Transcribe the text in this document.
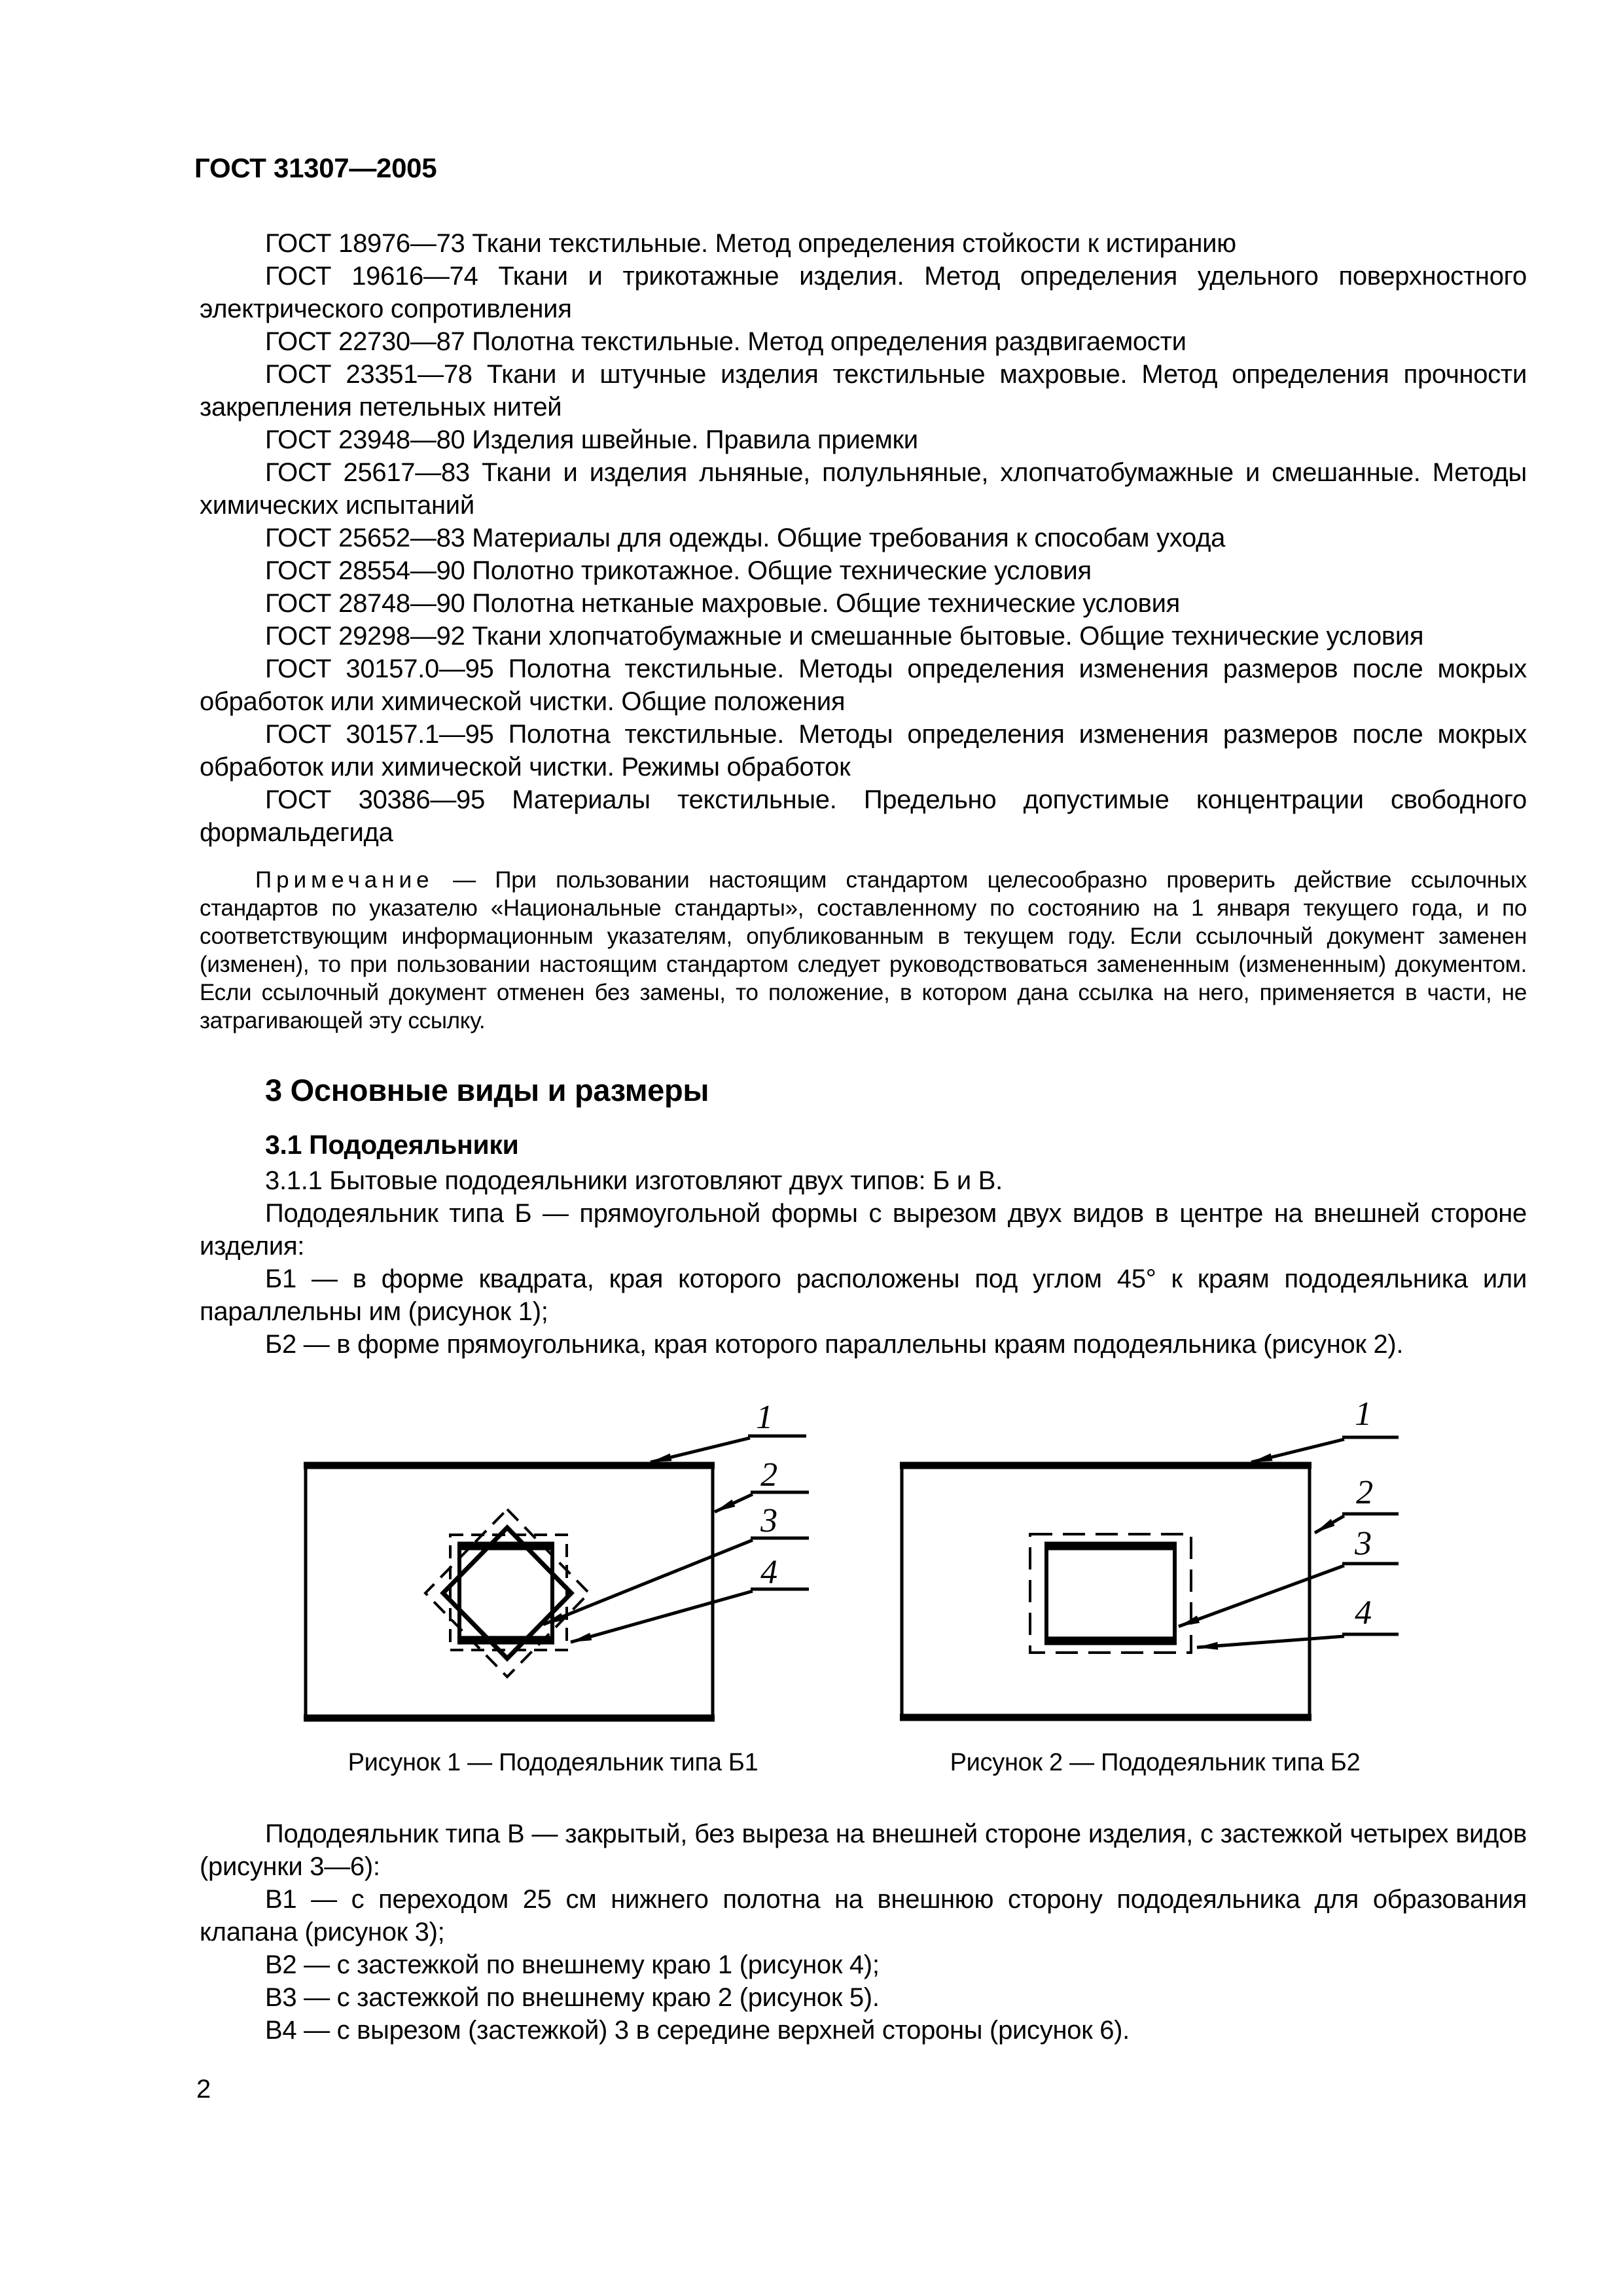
ГОСТ 31307—2005

ГОСТ 18976—73 Ткани текстильные. Метод определения стойкости к истиранию

ГОСТ 19616—74 Ткани и трикотажные изделия. Метод определения удельного поверхностного электрического сопротивления

ГОСТ 22730—87 Полотна текстильные. Метод определения раздвигаемости

ГОСТ 23351—78 Ткани и штучные изделия текстильные махровые. Метод определения прочности закрепления петельных нитей

ГОСТ 23948—80 Изделия швейные. Правила приемки

ГОСТ 25617—83 Ткани и изделия льняные, полульняные, хлопчатобумажные и смешанные. Методы химических испытаний

ГОСТ 25652—83 Материалы для одежды. Общие требования к способам ухода

ГОСТ 28554—90 Полотно трикотажное. Общие технические условия

ГОСТ 28748—90 Полотна нетканые махровые. Общие технические условия

ГОСТ 29298—92 Ткани хлопчатобумажные и смешанные бытовые. Общие технические условия

ГОСТ 30157.0—95 Полотна текстильные. Методы определения изменения размеров после мокрых обработок или химической чистки. Общие положения

ГОСТ 30157.1—95 Полотна текстильные. Методы определения изменения размеров после мокрых обработок или химической чистки. Режимы обработок

ГОСТ 30386—95 Материалы текстильные. Предельно допустимые концентрации свободного формальдегида

Примечание — При пользовании настоящим стандартом целесообразно проверить действие ссылочных стандартов по указателю «Национальные стандарты», составленному по состоянию на 1 января текущего года, и по соответствующим информационным указателям, опубликованным в текущем году. Если ссылочный документ заменен (изменен), то при пользовании настоящим стандартом следует руководствоваться замененным (измененным) документом. Если ссылочный документ отменен без замены, то положение, в котором дана ссылка на него, применяется в части, не затрагивающей эту ссылку.
3 Основные виды и размеры
3.1 Пододеяльники

3.1.1 Бытовые пододеяльники изготовляют двух типов: Б и В.

Пододеяльник типа Б — прямоугольной формы с вырезом двух видов в центре на внешней стороне изделия:

Б1 — в форме квадрата, края которого расположены под углом 45° к краям пододеяльника или параллельны им (рисунок 1);

Б2 — в форме прямоугольника, края которого параллельны краям пододеяльника (рисунок 2).

1
2
3
4
1
2
3
4
Рисунок 1 — Пододеяльник типа Б1	Рисунок 2 — Пододеяльник типа Б2

Пододеяльник типа В — закрытый, без выреза на внешней стороне изделия, с застежкой четырех видов (рисунки 3—6):

В1 — с переходом 25 см нижнего полотна на внешнюю сторону пододеяльника для образования клапана (рисунок 3);

В2 — с застежкой по внешнему краю 1 (рисунок 4);

В3 — с застежкой по внешнему краю 2 (рисунок 5).

В4 — с вырезом (застежкой) 3 в середине верхней стороны (рисунок 6).

2
